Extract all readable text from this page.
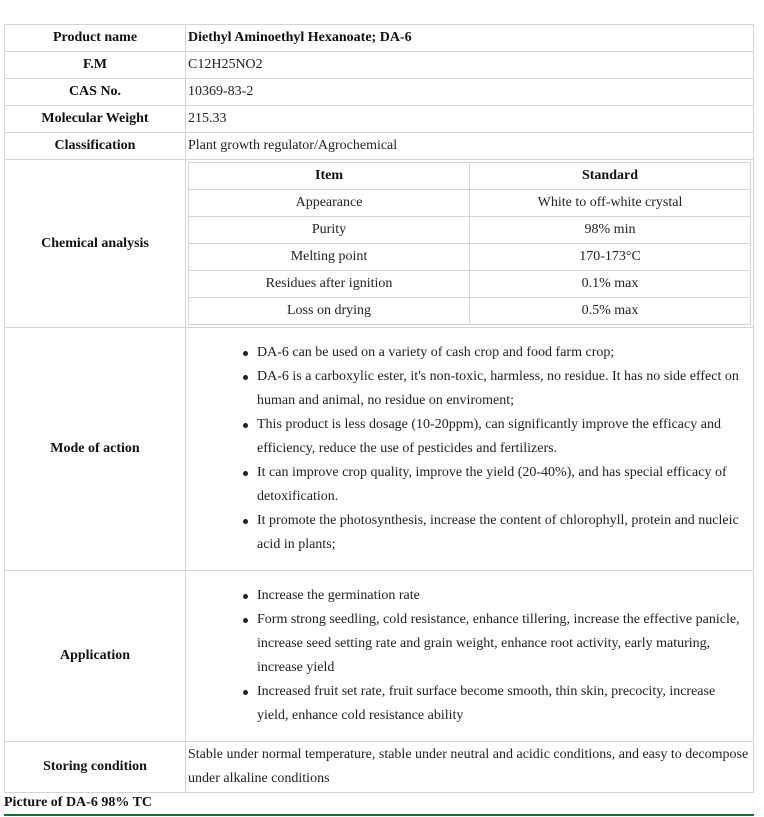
Product name	Diethyl Aminoethyl Hexanoate; DA-6
F.M	C12H25NO2
CAS No.	10369-83-2
Molecular Weight	215.33
Classification	Plant growth regulator/Agrochemical
Chemical analysis	
Item	Standard
Appearance	White to off-white crystal
Purity	98% min
Melting point	170-173°C
Residues after ignition	0.1% max
Loss on drying	0.5% max

Mode of action	
DA-6 can be used on a variety of cash crop and food farm crop;
DA-6 is a carboxylic ester, it's non-toxic, harmless, no residue. It has no side effect on human and animal, no residue on enviroment;
This product is less dosage (10-20ppm), can significantly improve the efficacy and efficiency, reduce the use of pesticides and fertilizers.
It can improve crop quality, improve the yield (20-40%), and has special efficacy of detoxification.
It promote the photosynthesis, increase the content of chlorophyll, protein and nucleic acid in plants;

Application	
Increase the germination rate
Form strong seedling, cold resistance, enhance tillering, increase the effective panicle, increase seed setting rate and grain weight, enhance root activity, early maturing, increase yield
Increased fruit set rate, fruit surface become smooth, thin skin, precocity, increase yield, enhance cold resistance ability

Storing condition	Stable under normal temperature, stable under neutral and acidic conditions, and easy to decompose under alkaline conditions
Picture of DA-6 98% TC
